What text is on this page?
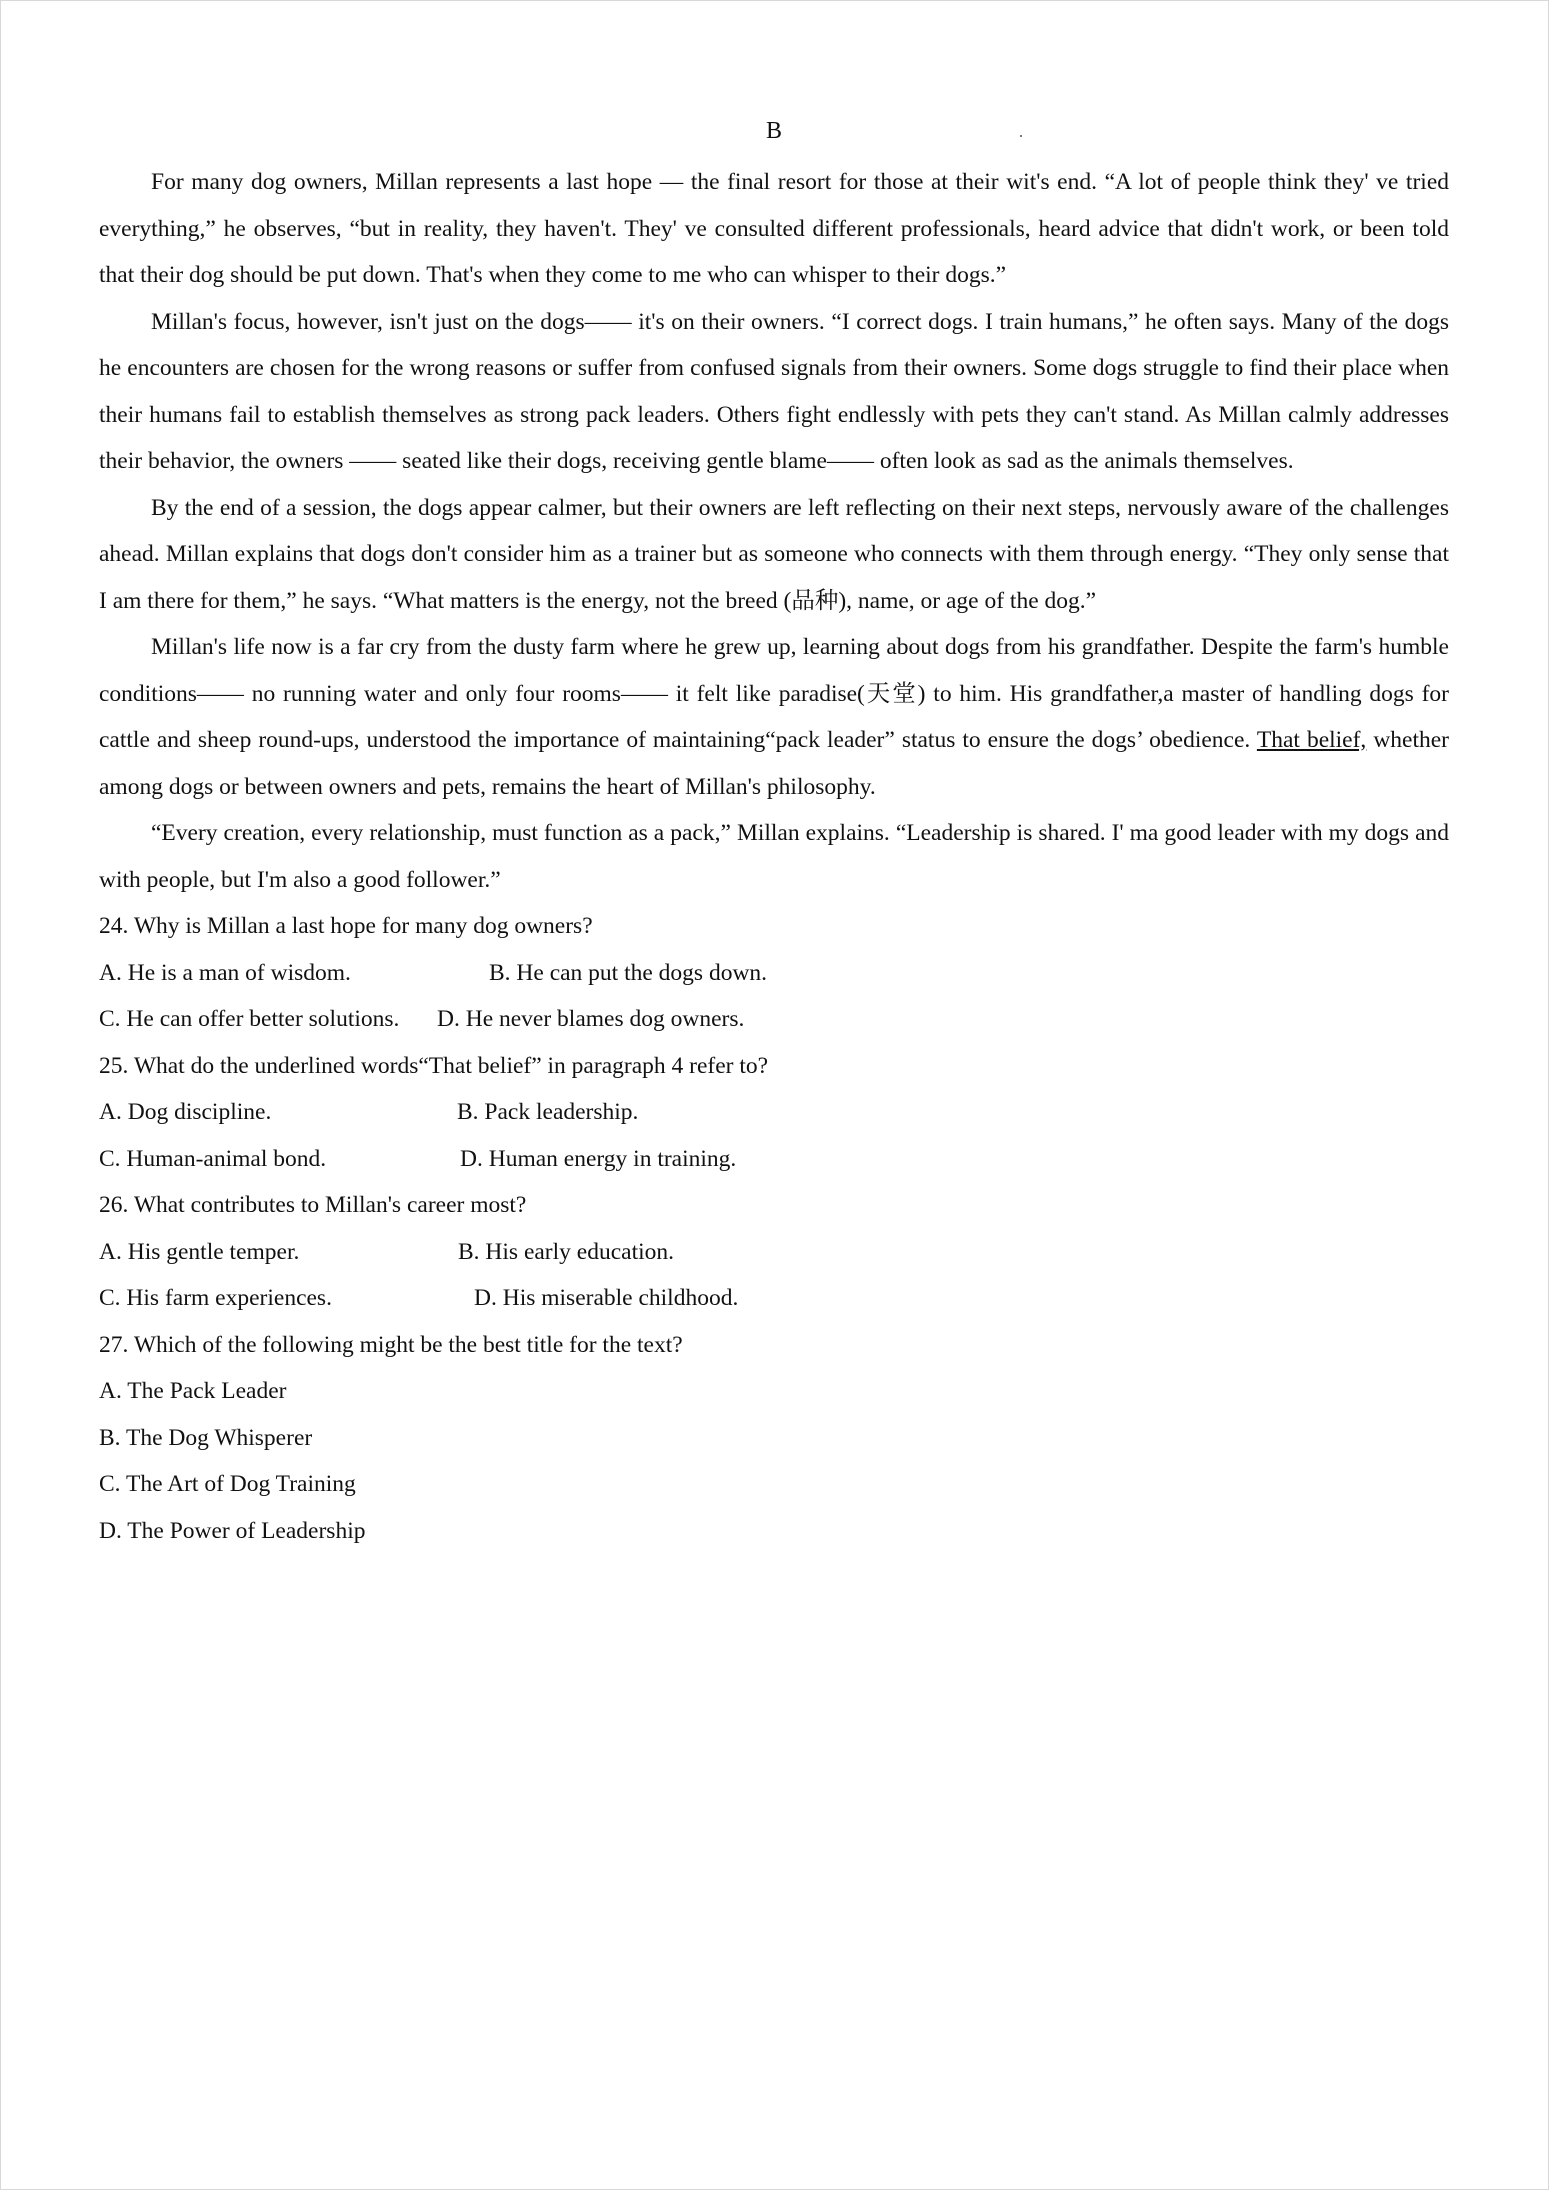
B

For many dog owners, Millan represents a last hope — the final resort for those at their wit's end. “A lot of people think they' ve tried everything,” he observes, “but in reality, they haven't. They' ve consulted different professionals, heard advice that didn't work, or been told that their dog should be put down. That's when they come to me who can whisper to their dogs.”

Millan's focus, however, isn't just on the dogs—— it's on their owners. “I correct dogs. I train humans,” he often says. Many of the dogs he encounters are chosen for the wrong reasons or suffer from confused signals from their owners. Some dogs struggle to find their place when their humans fail to establish themselves as strong pack leaders. Others fight endlessly with pets they can't stand. As Millan calmly addresses their behavior, the owners —— seated like their dogs, receiving gentle blame—— often look as sad as the animals themselves.

By the end of a session, the dogs appear calmer, but their owners are left reflecting on their next steps, nervously aware of the challenges ahead. Millan explains that dogs don't consider him as a trainer but as someone who connects with them through energy. “They only sense that I am there for them,” he says. “What matters is the energy, not the breed (品种), name, or age of the dog.”

Millan's life now is a far cry from the dusty farm where he grew up, learning about dogs from his grandfather. Despite the farm's humble conditions—— no running water and only four rooms—— it felt like paradise(天堂) to him. His grandfather,a master of handling dogs for cattle and sheep round-ups, understood the importance of maintaining“pack leader” status to ensure the dogs’ obedience. That belief, whether among dogs or between owners and pets, remains the heart of Millan's philosophy.

“Every creation, every relationship, must function as a pack,” Millan explains. “Leadership is shared. I' ma good leader with my dogs and with people, but I'm also a good follower.”

24. Why is Millan a last hope for many dog owners?

A. He is a man of wisdom.	B. He can put the dogs down.

C. He can offer better solutions. D. He never blames dog owners.

25. What do the underlined words“That belief” in paragraph 4 refer to?

A. Dog discipline.	B. Pack leadership.

C. Human-animal bond.	D. Human energy in training.

26. What contributes to Millan's career most?

A. His gentle temper.	B. His early education.

C. His farm experiences.	D. His miserable childhood.

27. Which of the following might be the best title for the text?

A. The Pack Leader

B. The Dog Whisperer

C. The Art of Dog Training

D. The Power of Leadership
